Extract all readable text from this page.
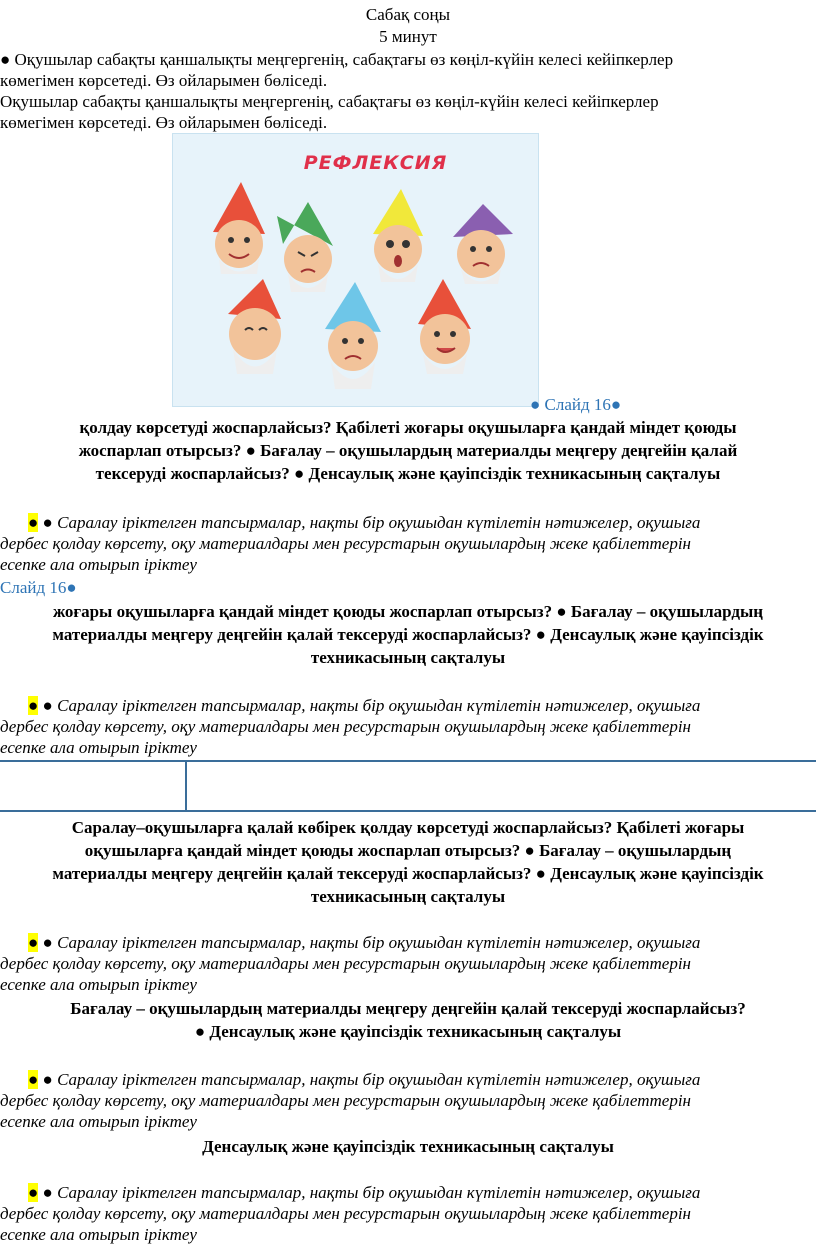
Сабақ соңы
5 минут
● Оқушылар сабақты қаншалықты меңгергенің, сабақтағы өз көңіл-күйін келесі кейіпкерлер
көмегімен көрсетеді. Өз ойларымен бөліседі.
Оқушылар сабақты қаншалықты меңгергенің, сабақтағы өз көңіл-күйін келесі кейіпкерлер
көмегімен көрсетеді. Өз ойларымен бөліседі.
РЕФЛЕКСИЯ
● Слайд 16●
қолдау көрсетуді жоспарлайсыз? Қабілеті жоғары оқушыларға қандай міндет қоюды
жоспарлап отырсыз? ● Бағалау – оқушылардың материалды меңгеру деңгейін қалай
тексеруді жоспарлайсыз? ● Денсаулық және қауіпсіздік техникасының сақталуы
● ● Саралау іріктелген тапсырмалар, нақты бір оқушыдан күтілетін нәтижелер, оқушыға
дербес қолдау көрсету, оқу материалдары мен ресурстарын оқушылардың жеке қабілеттерін
есепке ала отырып іріктеу
Слайд 16●
жоғары оқушыларға қандай міндет қоюды жоспарлап отырсыз? ● Бағалау – оқушылардың
материалды меңгеру деңгейін қалай тексеруді жоспарлайсыз? ● Денсаулық және қауіпсіздік
техникасының сақталуы
● ● Саралау іріктелген тапсырмалар, нақты бір оқушыдан күтілетін нәтижелер, оқушыға
дербес қолдау көрсету, оқу материалдары мен ресурстарын оқушылардың жеке қабілеттерін
есепке ала отырып іріктеу
Саралау–оқушыларға қалай көбірек қолдау көрсетуді жоспарлайсыз? Қабілеті жоғары
оқушыларға қандай міндет қоюды жоспарлап отырсыз? ● Бағалау – оқушылардың
материалды меңгеру деңгейін қалай тексеруді жоспарлайсыз? ● Денсаулық және қауіпсіздік
техникасының сақталуы
● ● Саралау іріктелген тапсырмалар, нақты бір оқушыдан күтілетін нәтижелер, оқушыға
дербес қолдау көрсету, оқу материалдары мен ресурстарын оқушылардың жеке қабілеттерін
есепке ала отырып іріктеу
Бағалау – оқушылардың материалды меңгеру деңгейін қалай тексеруді жоспарлайсыз?
● Денсаулық және қауіпсіздік техникасының сақталуы
● ● Саралау іріктелген тапсырмалар, нақты бір оқушыдан күтілетін нәтижелер, оқушыға
дербес қолдау көрсету, оқу материалдары мен ресурстарын оқушылардың жеке қабілеттерін
есепке ала отырып іріктеу
Денсаулық және қауіпсіздік техникасының сақталуы
● ● Саралау іріктелген тапсырмалар, нақты бір оқушыдан күтілетін нәтижелер, оқушыға
дербес қолдау көрсету, оқу материалдары мен ресурстарын оқушылардың жеке қабілеттерін
есепке ала отырып іріктеу
